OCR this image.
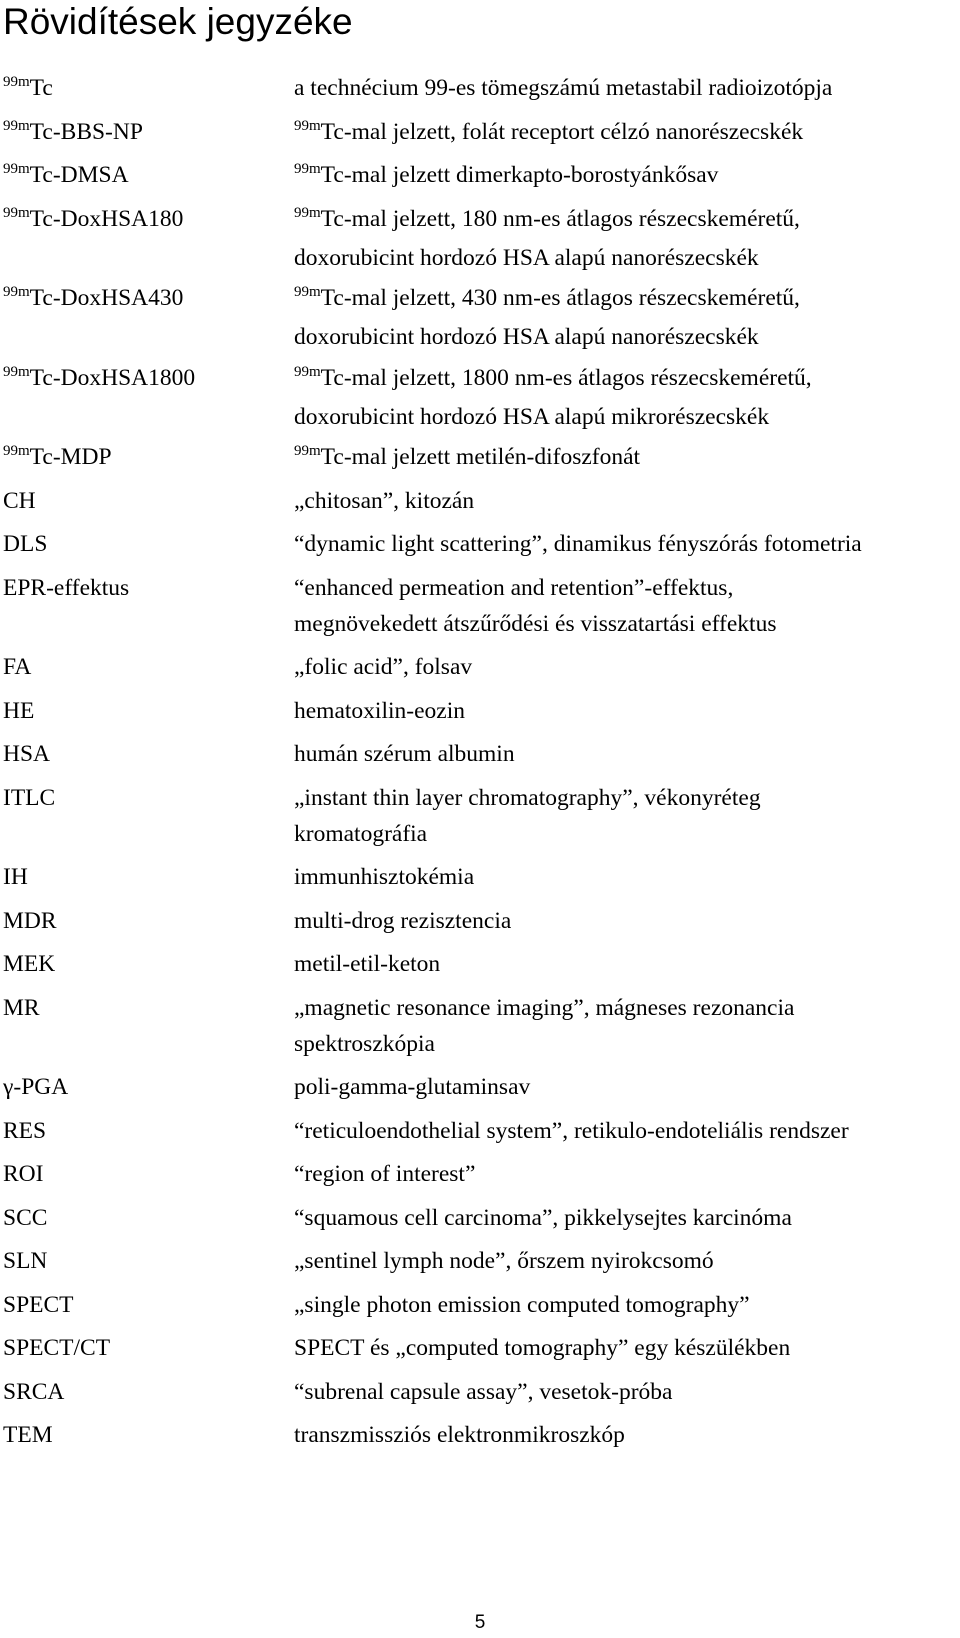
Rövidítések jegyzéke
$^{99m}$Tc	a technécium 99-es tömegszámú metastabil radioizotópja
$^{99m}$Tc-BBS-NP	$^{99m}$Tc-mal jelzett, folát receptort célzó nanorészecskék
$^{99m}$Tc-DMSA	$^{99m}$Tc-mal jelzett dimerkapto-borostyánkősav
$^{99m}$Tc-DoxHSA180	$^{99m}$Tc-mal jelzett, 180 nm-es átlagos részecskeméretű,
doxorubicint hordozó HSA alapú nanorészecskék
$^{99m}$Tc-DoxHSA430	$^{99m}$Tc-mal jelzett, 430 nm-es átlagos részecskeméretű,
doxorubicint hordozó HSA alapú nanorészecskék
$^{99m}$Tc-DoxHSA1800	$^{99m}$Tc-mal jelzett, 1800 nm-es átlagos részecskeméretű,
doxorubicint hordozó HSA alapú mikrorészecskék
$^{99m}$Tc-MDP	$^{99m}$Tc-mal jelzett metilén-difoszfonát
CH	„chitosan”, kitozán
DLS	“dynamic light scattering”, dinamikus fényszórás fotometria
EPR-effektus	“enhanced permeation and retention”-effektus,
megnövekedett átszűrődési és visszatartási effektus
FA	„folic acid”, folsav
HE	hematoxilin-eozin
HSA	humán szérum albumin
ITLC	„instant thin layer chromatography”, vékonyréteg
kromatográfia
IH	immunhisztokémia
MDR	multi-drog rezisztencia
MEK	metil-etil-keton
MR	„magnetic resonance imaging”, mágneses rezonancia
spektroszkópia
γ-PGA	poli-gamma-glutaminsav
RES	“reticuloendothelial system”, retikulo-endoteliális rendszer
ROI	“region of interest”
SCC	“squamous cell carcinoma”, pikkelysejtes karcinóma
SLN	„sentinel lymph node”, őrszem nyirokcsomó
SPECT	„single photon emission computed tomography”
SPECT/CT	SPECT és „computed tomography” egy készülékben
SRCA	“subrenal capsule assay”, vesetok-próba
TEM	transzmissziós elektronmikroszkóp
5
